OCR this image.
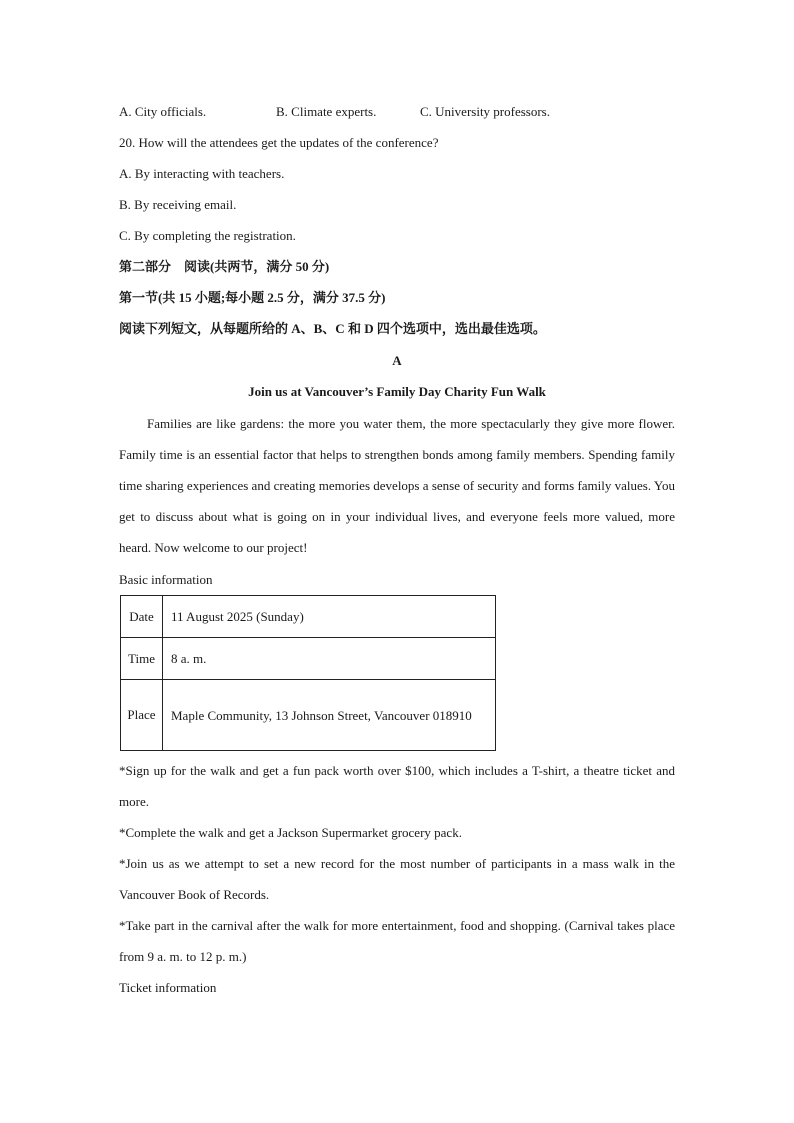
A. City officials.	B. Climate experts.	C. University professors.
20. How will the attendees get the updates of the conference?
A. By interacting with teachers.
B. By receiving email.
C. By completing the registration.
第二部分　阅读(共两节，满分 50 分)
第一节(共 15 小题;每小题 2.5 分，满分 37.5 分)
阅读下列短文，从每题所给的 A、B、C 和 D 四个选项中，选出最佳选项。
A
Join us at Vancouver’s Family Day Charity Fun Walk
Families are like gardens: the more you water them, the more spectacularly they give more flower. Family time is an essential factor that helps to strengthen bonds among family members. Spending family time sharing experiences and creating memories develops a sense of security and forms family values. You get to discuss about what is going on in your individual lives, and everyone feels more valued, more heard. Now welcome to our project!
Basic information
Date	11 August 2025 (Sunday)
Time	8 a. m.
Place	Maple Community, 13 Johnson Street, Vancouver 018910
*Sign up for the walk and get a fun pack worth over $100, which includes a T-shirt, a theatre ticket and more.
*Complete the walk and get a Jackson Supermarket grocery pack.
*Join us as we attempt to set a new record for the most number of participants in a mass walk in the Vancouver Book of Records.
*Take part in the carnival after the walk for more entertainment, food and shopping. (Carnival takes place from 9 a. m. to 12 p. m.)
Ticket information
